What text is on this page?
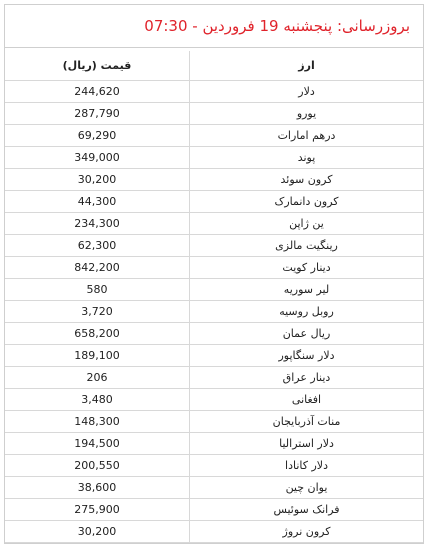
بروزرسانی: پنجشنبه 19 فروردین - 07:30
ارز
قیمت (ریال)
دلار
244,620
یورو
287,790
درهم امارات
69,290
پوند
349,000
کرون سوئد
30,200
کرون دانمارک
44,300
ین ژاپن
234,300
رینگیت مالزی
62,300
دینار کویت
842,200
لیر سوریه
580
روبل روسیه
3,720
ریال عمان
658,200
دلار سنگاپور
189,100
دینار عراق
206
افغانی
3,480
منات آذربایجان
148,300
دلار استرالیا
194,500
دلار کانادا
200,550
یوان چین
38,600
فرانک سوئیس
275,900
کرون نروژ
30,200
